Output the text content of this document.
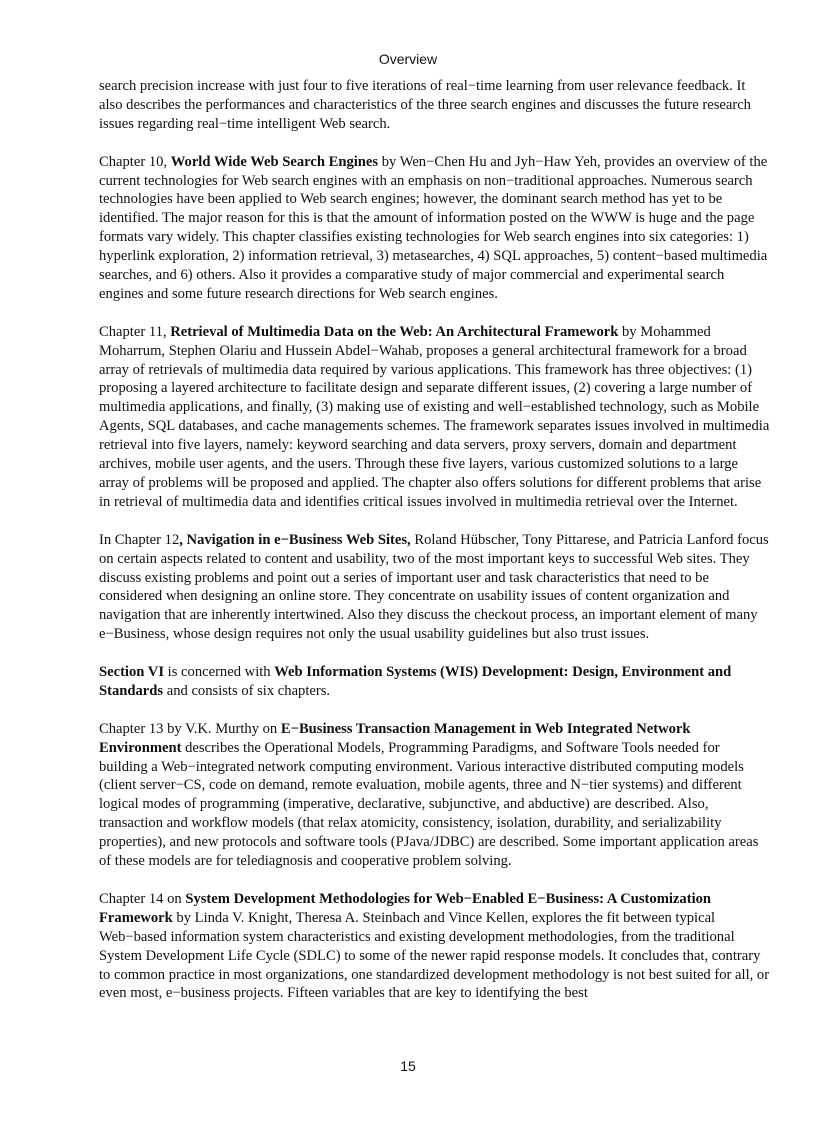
Overview

search precision increase with just four to five iterations of real−time learning from user relevance feedback. It also describes the performances and characteristics of the three search engines and discusses the future research issues regarding real−time intelligent Web search.

Chapter 10, World Wide Web Search Engines by Wen−Chen Hu and Jyh−Haw Yeh, provides an overview of the current technologies for Web search engines with an emphasis on non−traditional approaches. Numerous search technologies have been applied to Web search engines; however, the dominant search method has yet to be identified. The major reason for this is that the amount of information posted on the WWW is huge and the page formats vary widely. This chapter classifies existing technologies for Web search engines into six categories: 1) hyperlink exploration, 2) information retrieval, 3) metasearches, 4) SQL approaches, 5) content−based multimedia searches, and 6) others. Also it provides a comparative study of major commercial and experimental search engines and some future research directions for Web search engines.

Chapter 11, Retrieval of Multimedia Data on the Web: An Architectural Framework by Mohammed Moharrum, Stephen Olariu and Hussein Abdel−Wahab, proposes a general architectural framework for a broad array of retrievals of multimedia data required by various applications. This framework has three objectives: (1) proposing a layered architecture to facilitate design and separate different issues, (2) covering a large number of multimedia applications, and finally, (3) making use of existing and well−established technology, such as Mobile Agents, SQL databases, and cache managements schemes. The framework separates issues involved in multimedia retrieval into five layers, namely: keyword searching and data servers, proxy servers, domain and department archives, mobile user agents, and the users. Through these five layers, various customized solutions to a large array of problems will be proposed and applied. The chapter also offers solutions for different problems that arise in retrieval of multimedia data and identifies critical issues involved in multimedia retrieval over the Internet.

In Chapter 12, Navigation in e−Business Web Sites, Roland Hübscher, Tony Pittarese, and Patricia Lanford focus on certain aspects related to content and usability, two of the most important keys to successful Web sites. They discuss existing problems and point out a series of important user and task characteristics that need to be considered when designing an online store. They concentrate on usability issues of content organization and navigation that are inherently intertwined. Also they discuss the checkout process, an important element of many e−Business, whose design requires not only the usual usability guidelines but also trust issues.

Section VI is concerned with Web Information Systems (WIS) Development: Design, Environment and Standards and consists of six chapters.

Chapter 13 by V.K. Murthy on E−Business Transaction Management in Web Integrated Network Environment describes the Operational Models, Programming Paradigms, and Software Tools needed for building a Web−integrated network computing environment. Various interactive distributed computing models (client server−CS, code on demand, remote evaluation, mobile agents, three and N−tier systems) and different logical modes of programming (imperative, declarative, subjunctive, and abductive) are described. Also, transaction and workflow models (that relax atomicity, consistency, isolation, durability, and serializability properties), and new protocols and software tools (PJava/JDBC) are described. Some important application areas of these models are for telediagnosis and cooperative problem solving.

Chapter 14 on System Development Methodologies for Web−Enabled E−Business: A Customization Framework by Linda V. Knight, Theresa A. Steinbach and Vince Kellen, explores the fit between typical Web−based information system characteristics and existing development methodologies, from the traditional System Development Life Cycle (SDLC) to some of the newer rapid response models. It concludes that, contrary to common practice in most organizations, one standardized development methodology is not best suited for all, or even most, e−business projects. Fifteen variables that are key to identifying the best

15
